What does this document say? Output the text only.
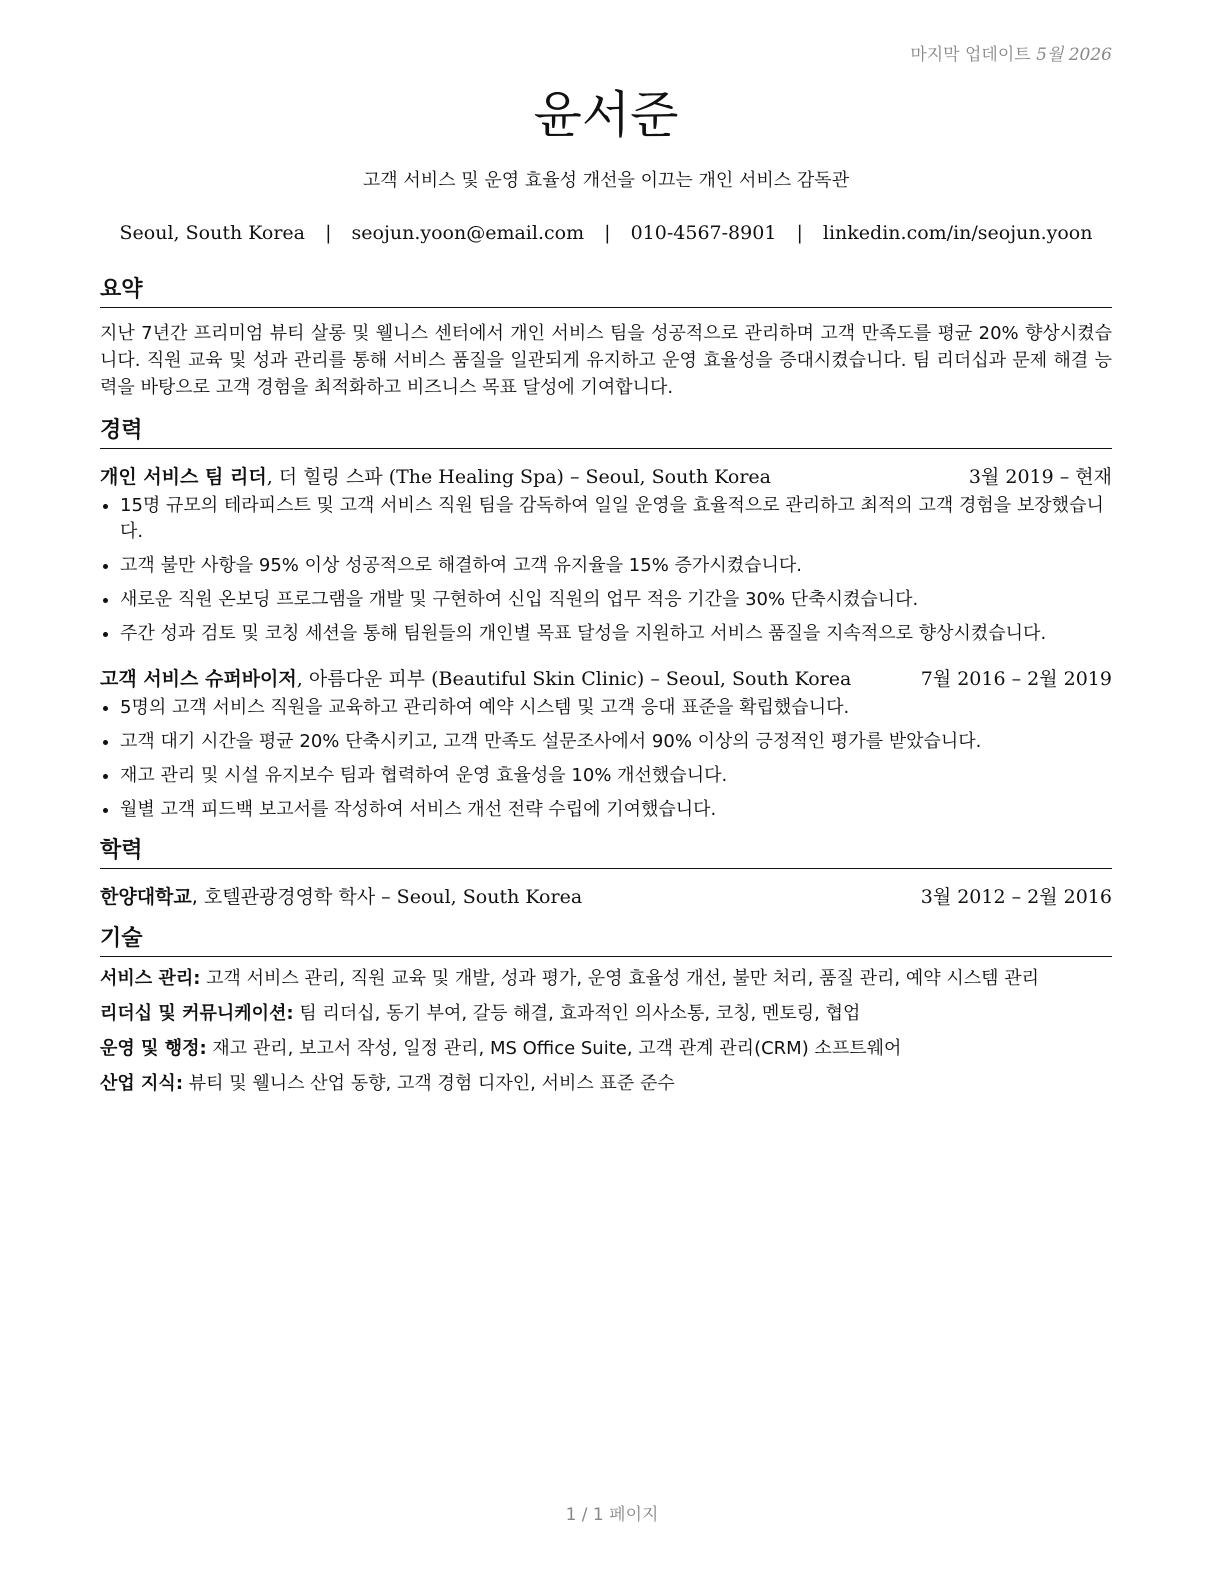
마지막 업데이트 5월 2026
윤서준
고객 서비스 및 운영 효율성 개선을 이끄는 개인 서비스 감독관
Seoul, South Korea | seojun.yoon@email.com | 010-4567-8901 | linkedin.com/in/seojun.yoon
요약
지난 7년간 프리미엄 뷰티 살롱 및 웰니스 센터에서 개인 서비스 팀을 성공적으로 관리하며 고객 만족도를 평균 20% 향상시켰습니다. 직원 교육 및 성과 관리를 통해 서비스 품질을 일관되게 유지하고 운영 효율성을 증대시켰습니다. 팀 리더십과 문제 해결 능력을 바탕으로 고객 경험을 최적화하고 비즈니스 목표 달성에 기여합니다.
경력
개인 서비스 팀 리더, 더 힐링 스파 (The Healing Spa) – Seoul, South Korea	3월 2019 – 현재
• 15명 규모의 테라피스트 및 고객 서비스 직원 팀을 감독하여 일일 운영을 효율적으로 관리하고 최적의 고객 경험을 보장했습니다.
• 고객 불만 사항을 95% 이상 성공적으로 해결하여 고객 유지율을 15% 증가시켰습니다.
• 새로운 직원 온보딩 프로그램을 개발 및 구현하여 신입 직원의 업무 적응 기간을 30% 단축시켰습니다.
• 주간 성과 검토 및 코칭 세션을 통해 팀원들의 개인별 목표 달성을 지원하고 서비스 품질을 지속적으로 향상시켰습니다.
고객 서비스 슈퍼바이저, 아름다운 피부 (Beautiful Skin Clinic) – Seoul, South Korea	7월 2016 – 2월 2019
• 5명의 고객 서비스 직원을 교육하고 관리하여 예약 시스템 및 고객 응대 표준을 확립했습니다.
• 고객 대기 시간을 평균 20% 단축시키고, 고객 만족도 설문조사에서 90% 이상의 긍정적인 평가를 받았습니다.
• 재고 관리 및 시설 유지보수 팀과 협력하여 운영 효율성을 10% 개선했습니다.
• 월별 고객 피드백 보고서를 작성하여 서비스 개선 전략 수립에 기여했습니다.
학력
한양대학교, 호텔관광경영학 학사 – Seoul, South Korea	3월 2012 – 2월 2016
기술
서비스 관리: 고객 서비스 관리, 직원 교육 및 개발, 성과 평가, 운영 효율성 개선, 불만 처리, 품질 관리, 예약 시스템 관리
리더십 및 커뮤니케이션: 팀 리더십, 동기 부여, 갈등 해결, 효과적인 의사소통, 코칭, 멘토링, 협업
운영 및 행정: 재고 관리, 보고서 작성, 일정 관리, MS Office Suite, 고객 관계 관리(CRM) 소프트웨어
산업 지식: 뷰티 및 웰니스 산업 동향, 고객 경험 디자인, 서비스 표준 준수
1 / 1 페이지
